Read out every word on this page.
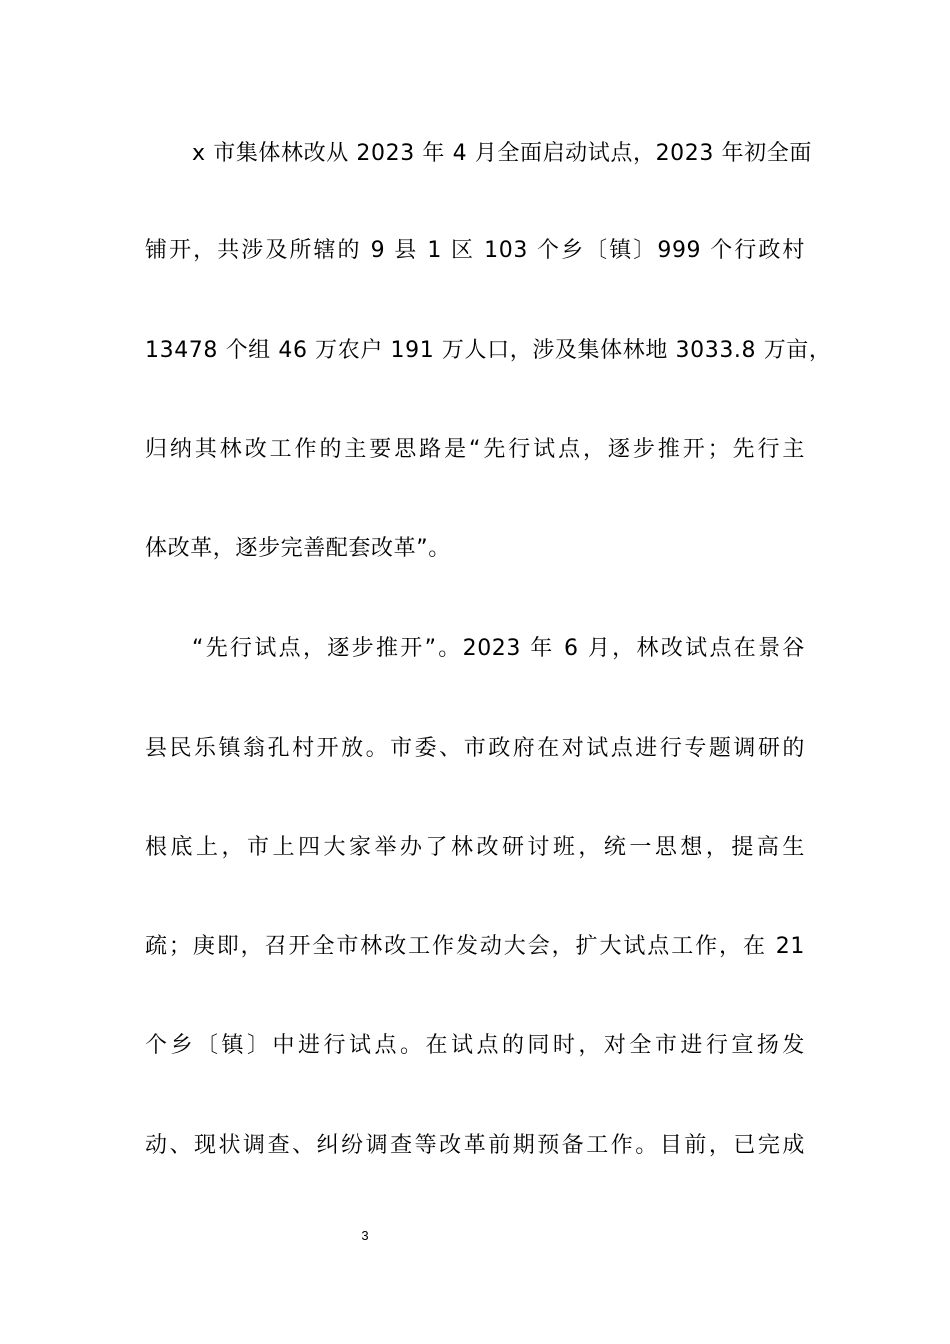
x 市集体林改从 2023 年 4 月全面启动试点，2023 年初全面
铺开，共涉及所辖的 9 县 1 区 103 个乡〔镇〕999 个行政村
13478 个组 46 万农户 191 万人口，涉及集体林地 3033.8 万亩，
归纳其林改工作的主要思路是“先行试点，逐步推开；先行主
体改革，逐步完善配套改革”。
“先行试点，逐步推开”。2023 年 6 月，林改试点在景谷
县民乐镇翁孔村开放。市委、市政府在对试点进行专题调研的
根底上，市上四大家举办了林改研讨班，统一思想，提高生
疏；庚即，召开全市林改工作发动大会，扩大试点工作，在 21
个乡〔镇〕中进行试点。在试点的同时，对全市进行宣扬发
动、现状调查、纠纷调查等改革前期预备工作。目前，已完成
3
